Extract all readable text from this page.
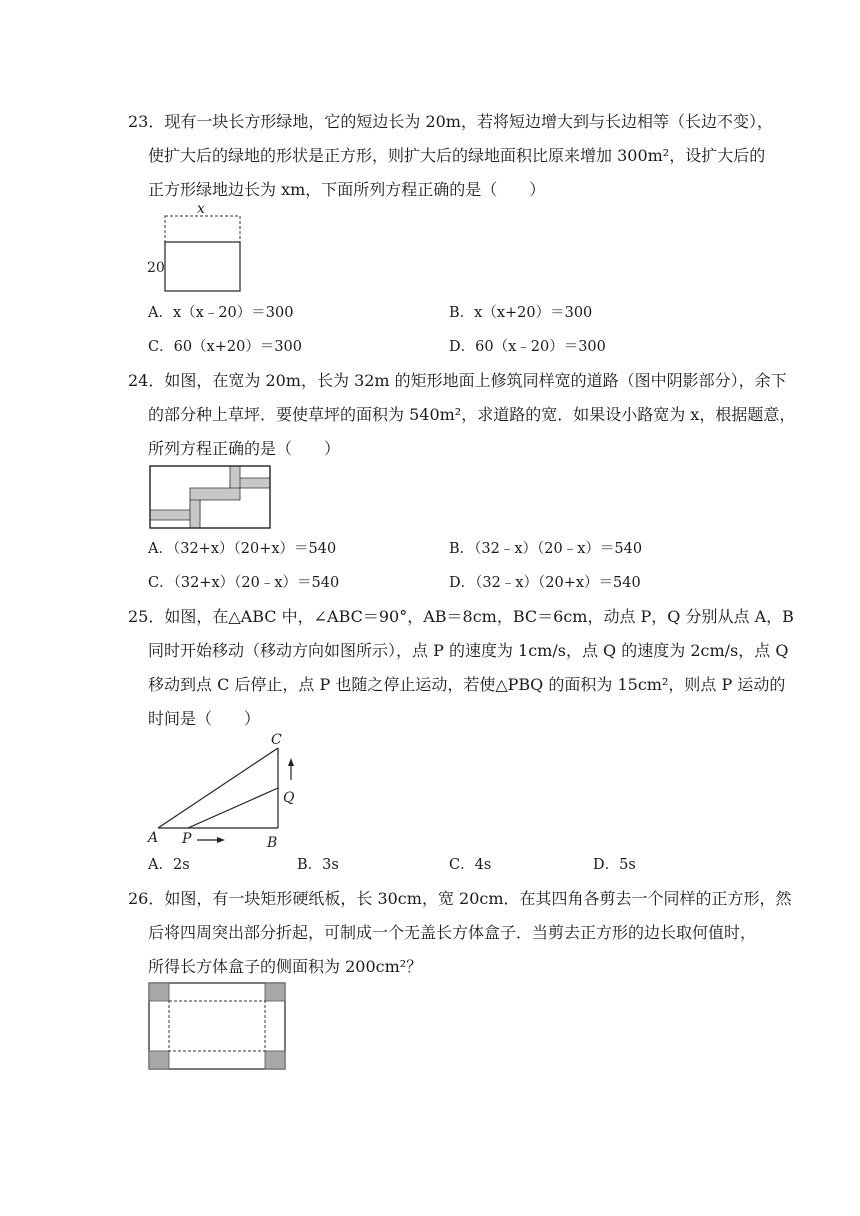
23．现有一块长方形绿地，它的短边长为 20m，若将短边增大到与长边相等（长边不变），
使扩大后的绿地的形状是正方形，则扩大后的绿地面积比原来增加 300m²，设扩大后的
正方形绿地边长为 xm，下面所列方程正确的是（　　）
x
20
A．x（x﹣20）＝300	B．x（x+20）＝300
C．60（x+20）＝300	D．60（x﹣20）＝300
24．如图，在宽为 20m，长为 32m 的矩形地面上修筑同样宽的道路（图中阴影部分），余下
的部分种上草坪．要使草坪的面积为 540m²，求道路的宽．如果设小路宽为 x，根据题意，
所列方程正确的是（　　）
A．（32+x）（20+x）＝540	B．（32﹣x）（20﹣x）＝540
C．（32+x）（20﹣x）＝540	D．（32﹣x）（20+x）＝540
25．如图，在△ABC 中，∠ABC＝90°，AB＝8cm，BC＝6cm，动点 P，Q 分别从点 A，B
同时开始移动（移动方向如图所示），点 P 的速度为 1cm/s，点 Q 的速度为 2cm/s，点 Q
移动到点 C 后停止，点 P 也随之停止运动，若使△PBQ 的面积为 15cm²，则点 P 运动的
时间是（　　）
A P	B
C
Q
A．2s	B．3s	C．4s	D．5s
26．如图，有一块矩形硬纸板，长 30cm，宽 20cm．在其四角各剪去一个同样的正方形，然
后将四周突出部分折起，可制成一个无盖长方体盒子．当剪去正方形的边长取何值时，
所得长方体盒子的侧面积为 200cm²？
